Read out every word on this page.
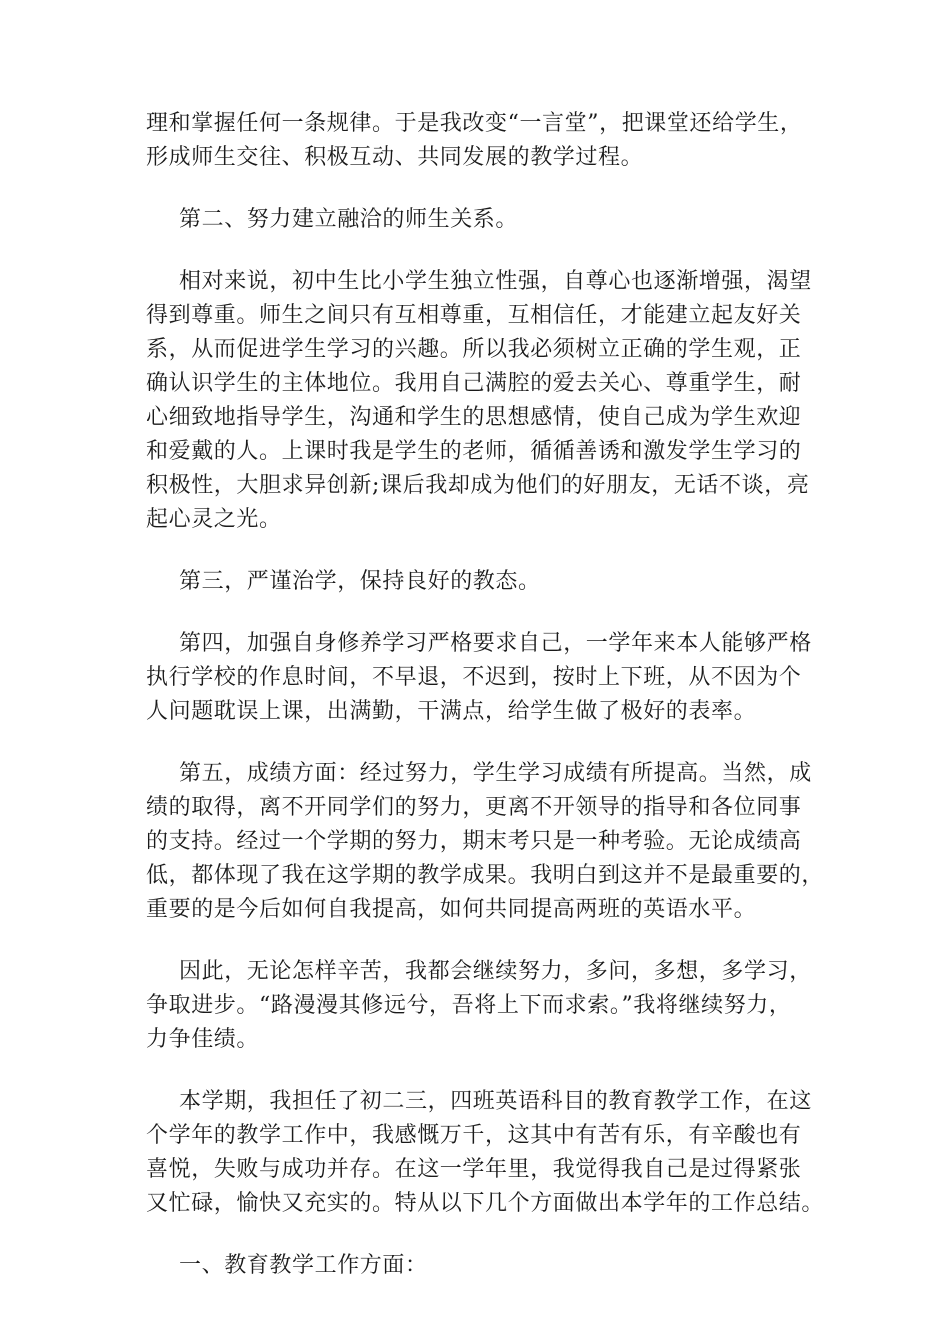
理和掌握任何一条规律。于是我改变“一言堂”，把课堂还给学生，
形成师生交往、积极互动、共同发展的教学过程。

第二、努力建立融洽的师生关系。

相对来说，初中生比小学生独立性强，自尊心也逐渐增强，渴望
得到尊重。师生之间只有互相尊重，互相信任，才能建立起友好关
系，从而促进学生学习的兴趣。所以我必须树立正确的学生观，正
确认识学生的主体地位。我用自己满腔的爱去关心、尊重学生，耐
心细致地指导学生，沟通和学生的思想感情，使自己成为学生欢迎
和爱戴的人。上课时我是学生的老师，循循善诱和激发学生学习的
积极性，大胆求异创新;课后我却成为他们的好朋友，无话不谈，亮
起心灵之光。

第三，严谨治学，保持良好的教态。

第四，加强自身修养学习严格要求自己，一学年来本人能够严格
执行学校的作息时间，不早退，不迟到，按时上下班，从不因为个
人问题耽误上课，出满勤，干满点，给学生做了极好的表率。

第五，成绩方面：经过努力，学生学习成绩有所提高。当然，成
绩的取得，离不开同学们的努力，更离不开领导的指导和各位同事
的支持。经过一个学期的努力，期末考只是一种考验。无论成绩高
低，都体现了我在这学期的教学成果。我明白到这并不是最重要的，
重要的是今后如何自我提高，如何共同提高两班的英语水平。

因此，无论怎样辛苦，我都会继续努力，多问，多想，多学习，
争取进步。“路漫漫其修远兮，吾将上下而求索。”我将继续努力，
力争佳绩。

本学期，我担任了初二三，四班英语科目的教育教学工作，在这
个学年的教学工作中，我感慨万千，这其中有苦有乐，有辛酸也有
喜悦，失败与成功并存。在这一学年里，我觉得我自己是过得紧张
又忙碌，愉快又充实的。特从以下几个方面做出本学年的工作总结。

一、教育教学工作方面：
